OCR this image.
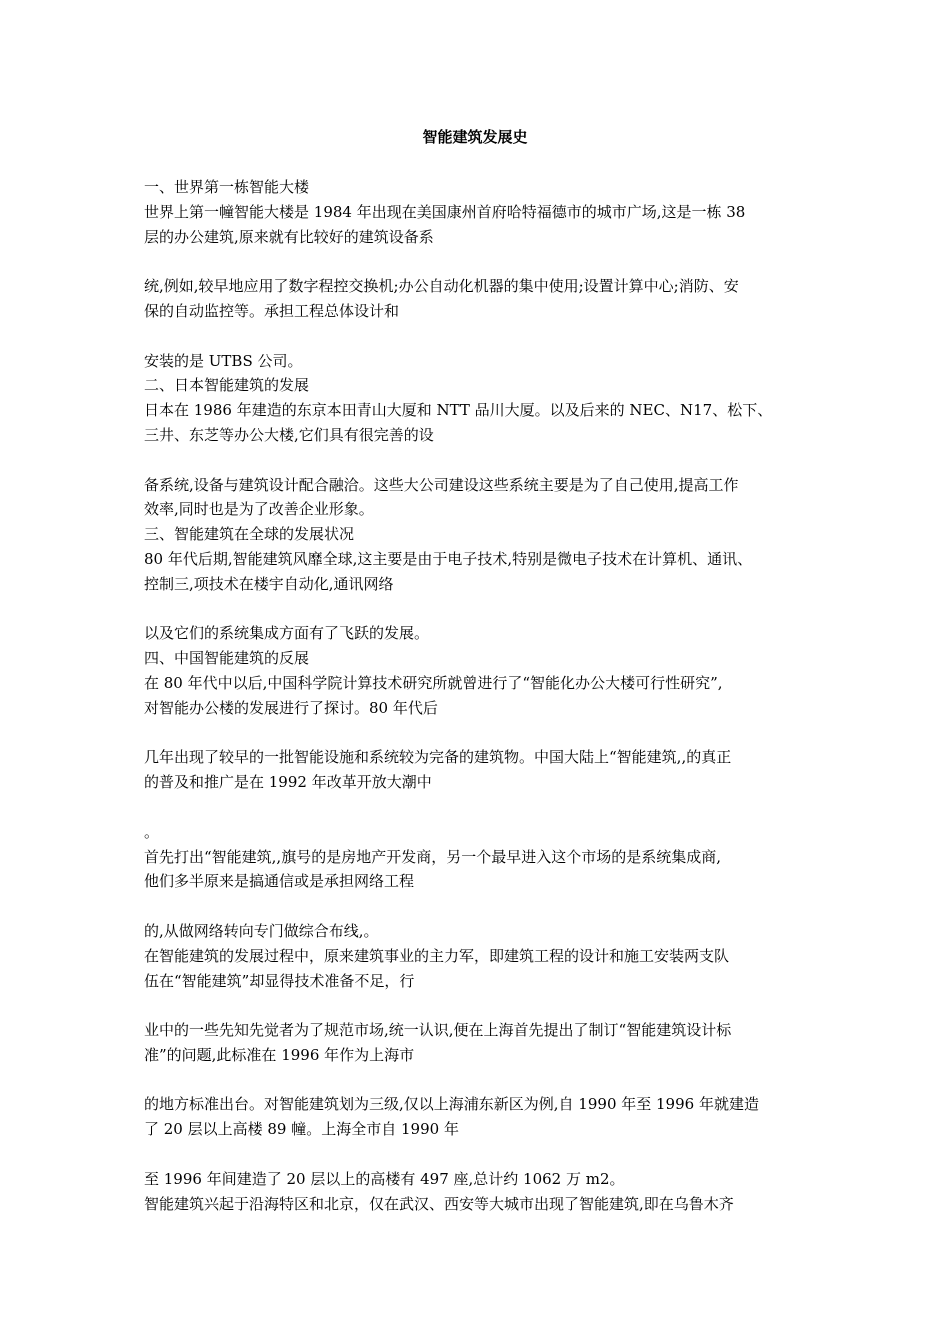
智能建筑发展史
一、世界第一栋智能大楼
世界上第一幢智能大楼是 1984 年出现在美国康州首府哈特福德市的城市广场,这是一栋 38
层的办公建筑,原来就有比较好的建筑设备系
统,例如,较早地应用了数字程控交换机;办公自动化机器的集中使用;设置计算中心;消防、安
保的自动监控等。承担工程总体设计和
安装的是 UTBS 公司。
二、日本智能建筑的发展
日本在 1986 年建造的东京本田青山大厦和 NTT 品川大厦。以及后来的 NEC、N17、松下、
三井、东芝等办公大楼,它们具有很完善的设
备系统,设备与建筑设计配合融洽。这些大公司建设这些系统主要是为了自己使用,提高工作
效率,同时也是为了改善企业形象。
三、智能建筑在全球的发展状况
80 年代后期,智能建筑风靡全球,这主要是由于电子技术,特别是微电子技术在计算机、通讯、
控制三,项技术在楼宇自动化,通讯网络
以及它们的系统集成方面有了飞跃的发展。
四、中国智能建筑的反展
在 80 年代中以后,中国科学院计算技术研究所就曾进行了“智能化办公大楼可行性研究”,
对智能办公楼的发展进行了探讨。80 年代后
几年出现了较早的一批智能设施和系统较为完备的建筑物。中国大陆上“智能建筑,,的真正
的普及和推广是在 1992 年改革开放大潮中
。
首先打出“智能建筑,,旗号的是房地产开发商，另一个最早进入这个市场的是系统集成商,
他们多半原来是搞通信或是承担网络工程
的,从做网络转向专门做综合布线,。
在智能建筑的发展过程中，原来建筑事业的主力军，即建筑工程的设计和施工安装两支队
伍在“智能建筑”却显得技术准备不足，行
业中的一些先知先觉者为了规范市场,统一认识,便在上海首先提出了制订“智能建筑设计标
准”的问题,此标准在 1996 年作为上海市
的地方标准出台。对智能建筑划为三级,仅以上海浦东新区为例,自 1990 年至 1996 年就建造
了 20 层以上高楼 89 幢。上海全市自 1990 年
至 1996 年间建造了 20 层以上的高楼有 497 座,总计约 1062 万 m2。
智能建筑兴起于沿海特区和北京，仅在武汉、西安等大城市出现了智能建筑,即在乌鲁木齐
